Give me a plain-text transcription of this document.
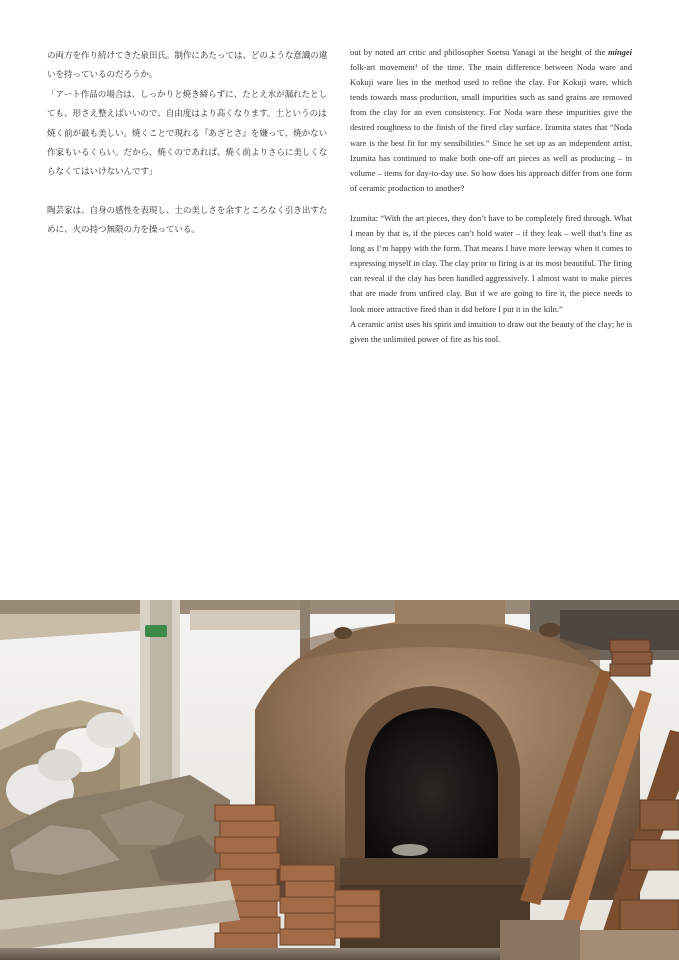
の両方を作り続けてきた泉田氏。制作にあたっては、どのような意識の違いを持っているのだろうか。

「アート作品の場合は、しっかりと焼き締らずに、たとえ水が漏れたとしても、形さえ整えばいいので、自由度はより高くなります。土というのは焼く前が最も美しい。焼くことで現れる『あざとさ』を嫌って、焼かない作家もいるくらい。だから、焼くのであれば、焼く前よりさらに美しくならなくてはいけないんです」

陶芸家は、自身の感性を表現し、土の美しさを余すところなく引き出すために、火の持つ無限の力を操っている。

out by noted art critic and philosopher Soetsu Yanagi at the height of the mingei folk-art movement¹ of the time. The main difference between Noda ware and Kokuji ware lies in the method used to refine the clay. For Kokuji ware, which tends towards mass production, small impurities such as sand grains are removed from the clay for an even consistency. For Noda ware these impurities give the desired roughness to the finish of the fired clay surface. Izumita states that “Noda ware is the best fit for my sensibilities.” Since he set up as an independent artist, Izumita has continued to make both one-off art pieces as well as producing – in volume – items for day-to-day use. So how does his approach differ from one form of ceramic production to another?

Izumita: “With the art pieces, they don’t have to be completely fired through. What I mean by that is, if the pieces can’t hold water – if they leak – well that’s fine as long as I’m happy with the form. That means I have more leeway when it comes to expressing myself in clay. The clay prior to firing is at its most beautiful. The firing can reveal if the clay has been handled aggressively. I almost want to make pieces that are made from unfired clay. But if we are going to fire it, the piece needs to look more attractive fired than it did before I put it in the kiln.”

A ceramic artist uses his spirit and intuition to draw out the beauty of the clay; he is given the unlimited power of fire as his tool.
